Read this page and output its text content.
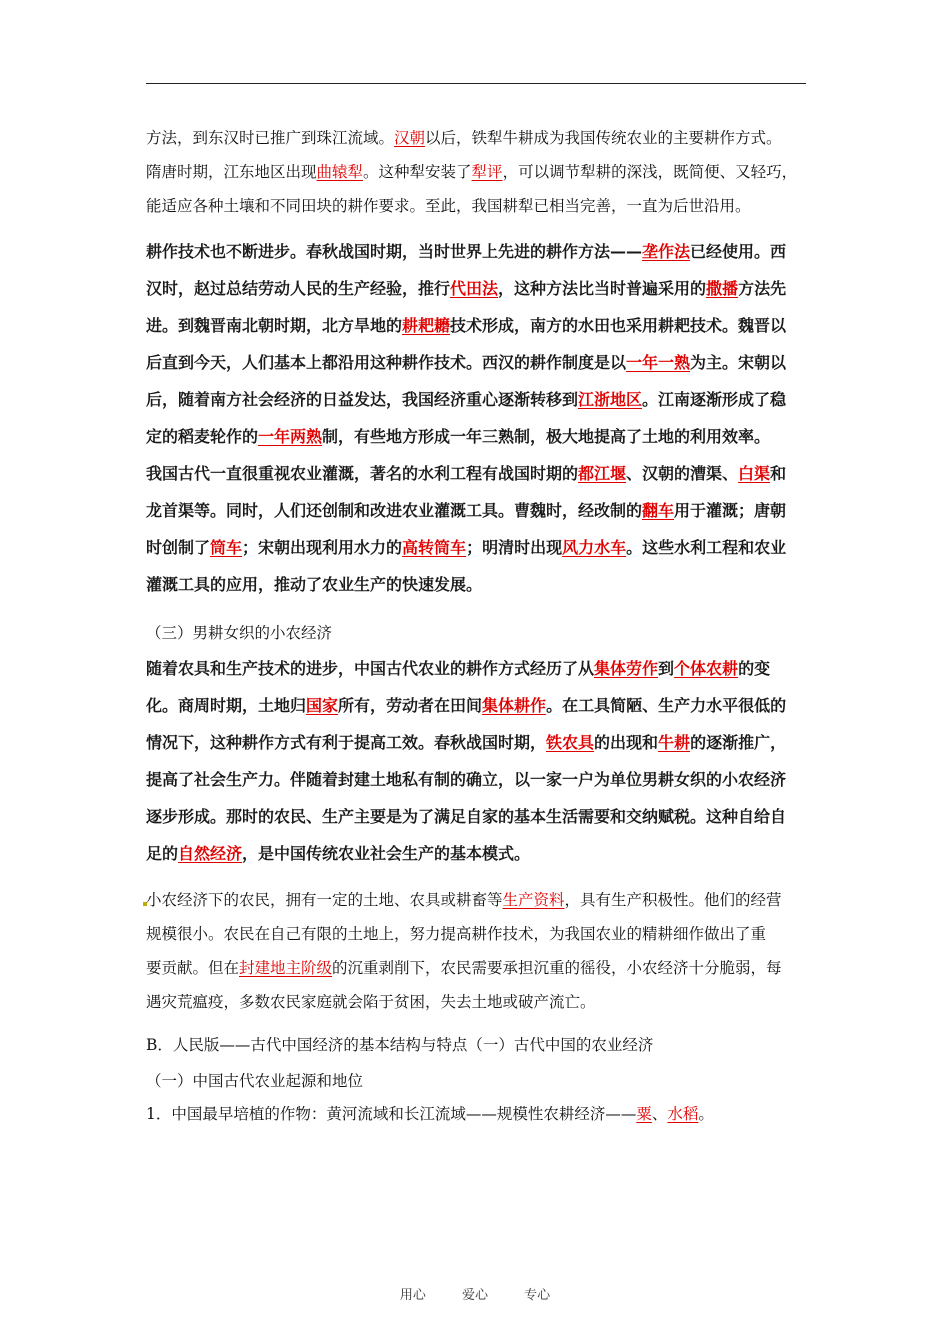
方法，到东汉时已推广到珠江流域。汉朝以后，铁犁牛耕成为我国传统农业的主要耕作方式。
隋唐时期，江东地区出现曲辕犁。这种犁安装了犁评，可以调节犁耕的深浅，既简便、又轻巧，
能适应各种土壤和不同田块的耕作要求。至此，我国耕犁已相当完善，一直为后世沿用。
耕作技术也不断进步。春秋战国时期，当时世界上先进的耕作方法——垄作法已经使用。西
汉时，赵过总结劳动人民的生产经验，推行代田法，这种方法比当时普遍采用的撒播方法先
进。到魏晋南北朝时期，北方旱地的耕耙耱技术形成，南方的水田也采用耕耙技术。魏晋以
后直到今天，人们基本上都沿用这种耕作技术。西汉的耕作制度是以一年一熟为主。宋朝以
后，随着南方社会经济的日益发达，我国经济重心逐渐转移到江浙地区。江南逐渐形成了稳
定的稻麦轮作的一年两熟制，有些地方形成一年三熟制，极大地提高了土地的利用效率。
我国古代一直很重视农业灌溉，著名的水利工程有战国时期的都江堰、汉朝的漕渠、白渠和
龙首渠等。同时，人们还创制和改进农业灌溉工具。曹魏时，经改制的翻车用于灌溉；唐朝
时创制了筒车；宋朝出现利用水力的高转筒车；明清时出现风力水车。这些水利工程和农业
灌溉工具的应用，推动了农业生产的快速发展。
（三）男耕女织的小农经济
随着农具和生产技术的进步，中国古代农业的耕作方式经历了从集体劳作到个体农耕的变
化。商周时期，土地归国家所有，劳动者在田间集体耕作。在工具简陋、生产力水平很低的
情况下，这种耕作方式有利于提高工效。春秋战国时期，铁农具的出现和牛耕的逐渐推广，
提高了社会生产力。伴随着封建土地私有制的确立，以一家一户为单位男耕女织的小农经济
逐步形成。那时的农民、生产主要是为了满足自家的基本生活需要和交纳赋税。这种自给自
足的自然经济，是中国传统农业社会生产的基本模式。
小农经济下的农民，拥有一定的土地、农具或耕畜等生产资料，具有生产积极性。他们的经营
规模很小。农民在自己有限的土地上，努力提高耕作技术，为我国农业的精耕细作做出了重
要贡献。但在封建地主阶级的沉重剥削下，农民需要承担沉重的徭役，小农经济十分脆弱，每
遇灾荒瘟疫，多数农民家庭就会陷于贫困，失去土地或破产流亡。
B．人民版——古代中国经济的基本结构与特点（一）古代中国的农业经济
（一）中国古代农业起源和地位
1．中国最早培植的作物：黄河流域和长江流域——规模性农耕经济——粟、水稻。
用心	爱心	专心
